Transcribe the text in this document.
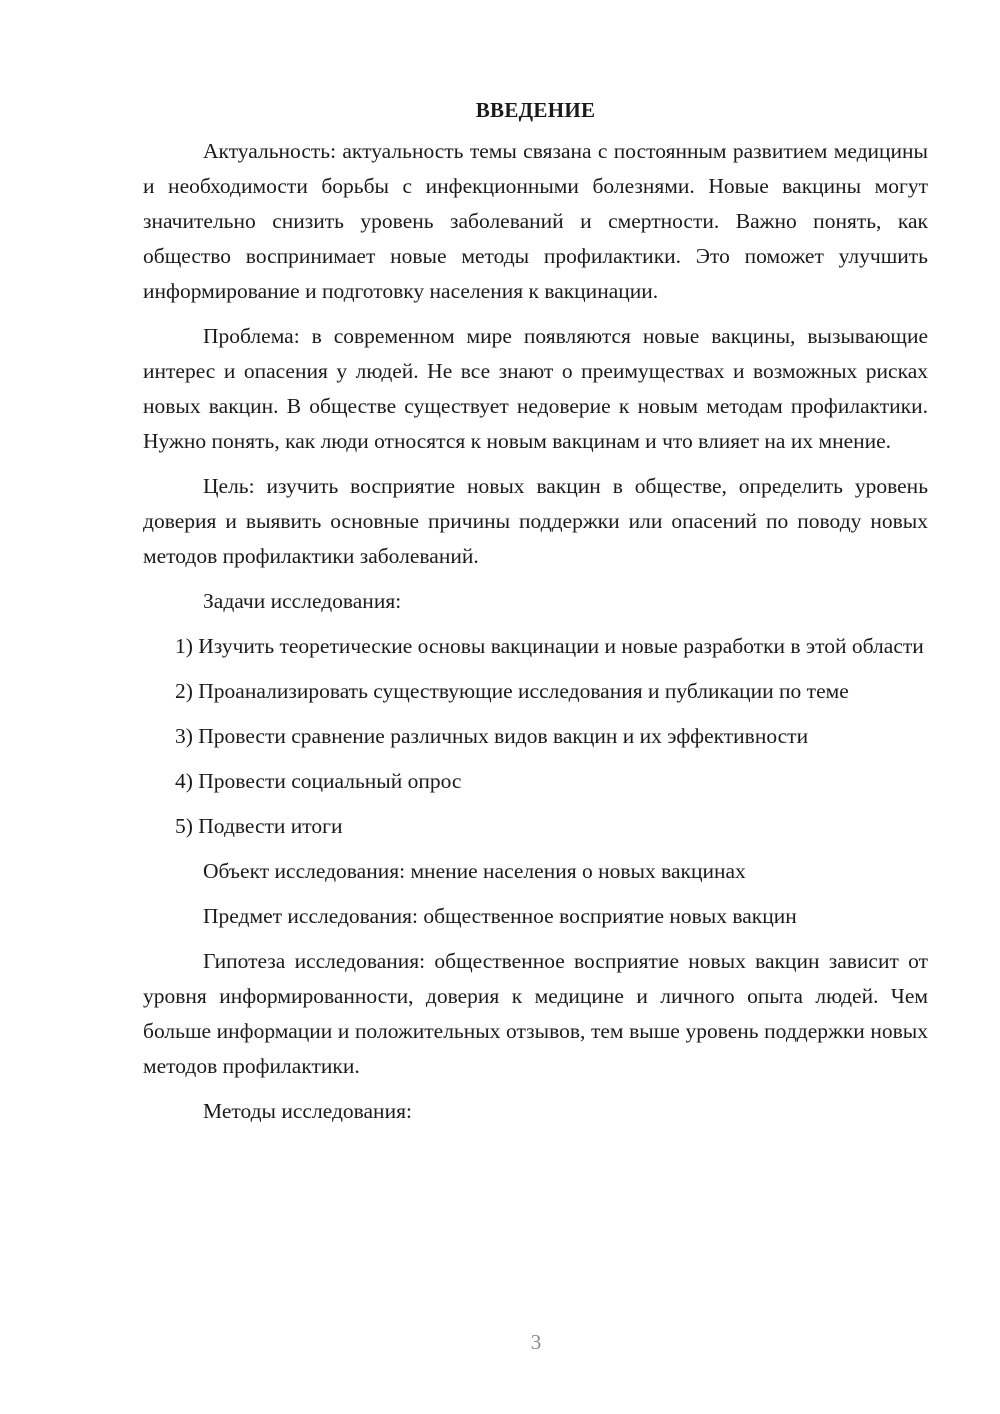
ВВЕДЕНИЕ

Актуальность: актуальность темы связана с постоянным развитием медицины и необходимости борьбы с инфекционными болезнями. Новые вакцины могут значительно снизить уровень заболеваний и смертности. Важно понять, как общество воспринимает новые методы профилактики. Это поможет улучшить информирование и подготовку населения к вакцинации.

Проблема: в современном мире появляются новые вакцины, вызывающие интерес и опасения у людей. Не все знают о преимуществах и возможных рисках новых вакцин. В обществе существует недоверие к новым методам профилактики. Нужно понять, как люди относятся к новым вакцинам и что влияет на их мнение.

Цель: изучить восприятие новых вакцин в обществе, определить уровень доверия и выявить основные причины поддержки или опасений по поводу новых методов профилактики заболеваний.

Задачи исследования:

1) Изучить теоретические основы вакцинации и новые разработки в этой области

2) Проанализировать существующие исследования и публикации по теме

3) Провести сравнение различных видов вакцин и их эффективности

4) Провести социальный опрос

5) Подвести итоги

Объект исследования: мнение населения о новых вакцинах

Предмет исследования: общественное восприятие новых вакцин

Гипотеза исследования: общественное восприятие новых вакцин зависит от уровня информированности, доверия к медицине и личного опыта людей. Чем больше информации и положительных отзывов, тем выше уровень поддержки новых методов профилактики.

Методы исследования:

3
